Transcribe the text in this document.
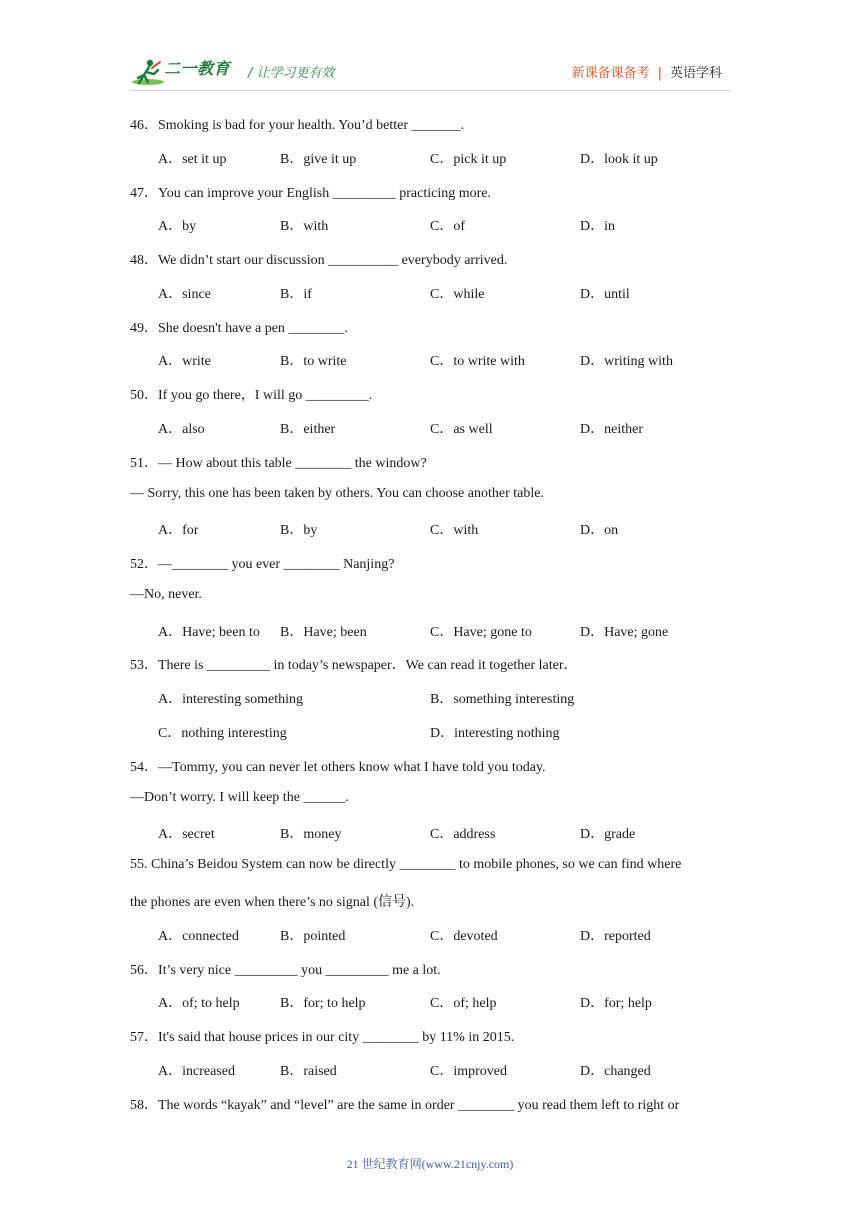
二一教育 / 让学习更有效	新课备课备考 | 英语学科
46．Smoking is bad for your health. You’d better _______.
A．set it up	B．give it up	C．pick it up	D．look it up
47．You can improve your English _________ practicing more.
A．by	B．with	C．of	D．in
48．We didn’t start our discussion __________ everybody arrived.
A．since	B．if	C．while	D．until
49．She doesn't have a pen ________.
A．write	B．to write	C．to write with	D．writing with
50．If you go there，I will go _________.
A．also	B．either	C．as well	D．neither
51．— How about this table ________ the window?
— Sorry, this one has been taken by others. You can choose another table.
A．for	B．by	C．with	D．on
52．—________ you ever ________ Nanjing?
—No, never.
A．Have; been to B．Have; been	C．Have; gone to	D．Have; gone
53．There is _________ in today’s newspaper．We can read it together later．
A．interesting something	B．something interesting
C．nothing interesting	D．interesting nothing
54．—Tommy, you can never let others know what I have told you today.
—Don’t worry. I will keep the ______.
A．secret	B．money	C．address	D．grade
55. China’s Beidou System can now be directly ________ to mobile phones, so we can find where
the phones are even when there’s no signal (信号).
A．connected	B．pointed	C．devoted	D．reported
56．It’s very nice _________ you _________ me a lot.
A．of; to help	B．for; to help	C．of; help	D．for; help
57．It's said that house prices in our city ________ by 11% in 2015.
A．increased	B．raised	C．improved	D．changed
58．The words “kayak” and “level” are the same in order ________ you read them left to right or
21 世纪教育网(www.21cnjy.com)
